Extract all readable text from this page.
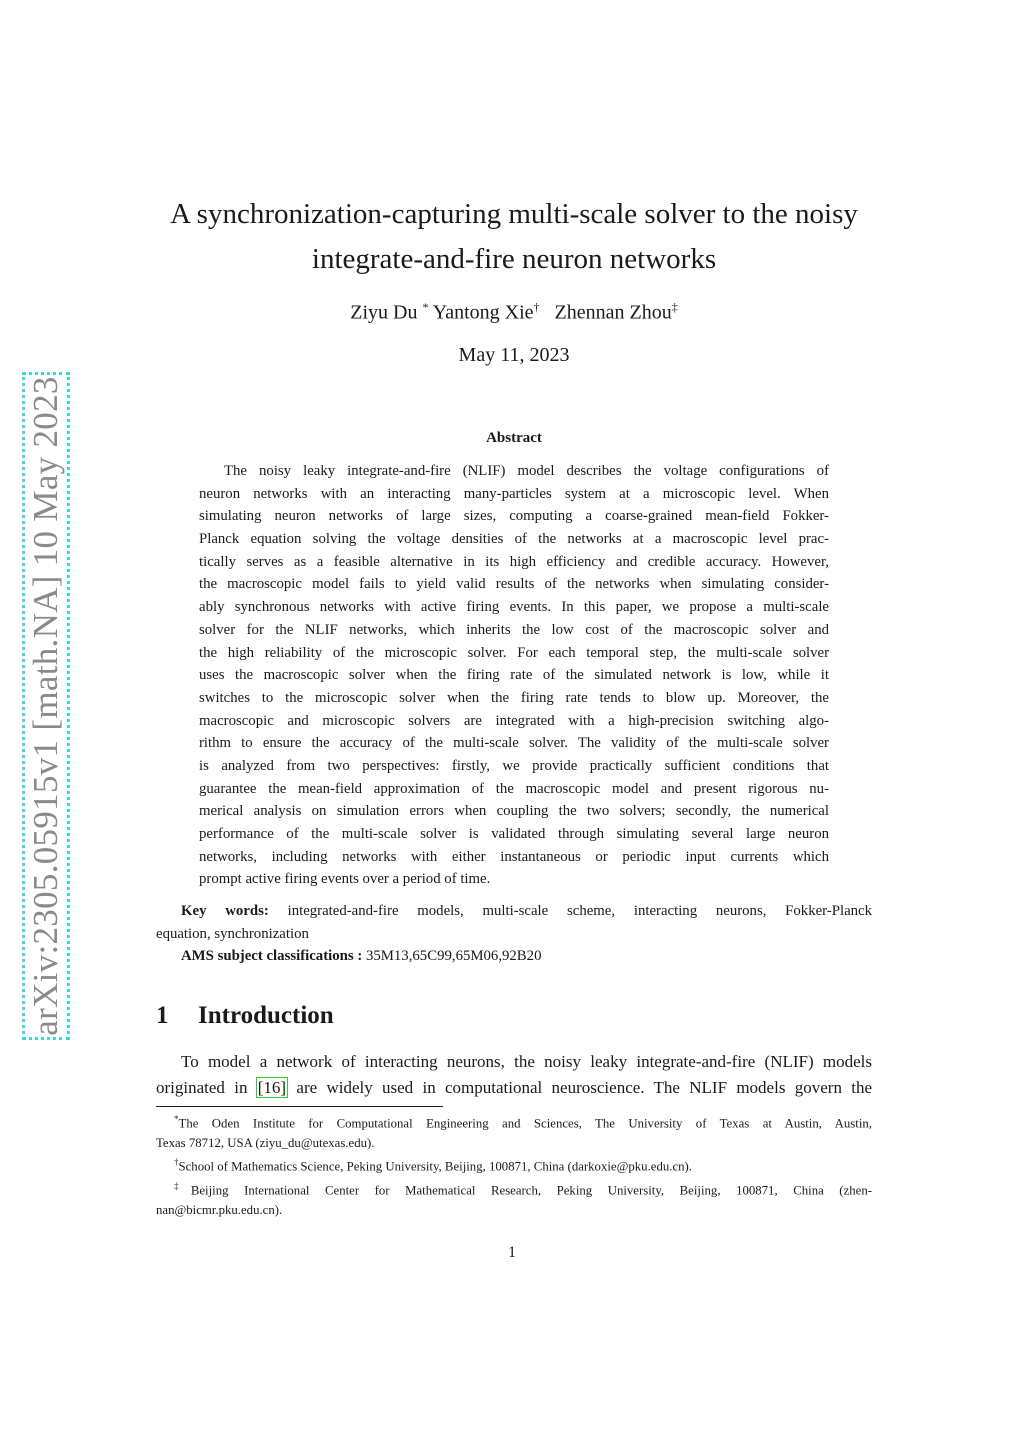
arXiv:2305.05915v1 [math.NA] 10 May 2023
A synchronization-capturing multi-scale solver to the noisy
integrate-and-fire neuron networks
Ziyu Du * Yantong Xie† Zhennan Zhou‡
May 11, 2023
Abstract
The noisy leaky integrate-and-fire (NLIF) model describes the voltage configurations of
neuron networks with an interacting many-particles system at a microscopic level. When
simulating neuron networks of large sizes, computing a coarse-grained mean-field Fokker-
Planck equation solving the voltage densities of the networks at a macroscopic level prac-
tically serves as a feasible alternative in its high efficiency and credible accuracy. However,
the macroscopic model fails to yield valid results of the networks when simulating consider-
ably synchronous networks with active firing events. In this paper, we propose a multi-scale
solver for the NLIF networks, which inherits the low cost of the macroscopic solver and
the high reliability of the microscopic solver. For each temporal step, the multi-scale solver
uses the macroscopic solver when the firing rate of the simulated network is low, while it
switches to the microscopic solver when the firing rate tends to blow up. Moreover, the
macroscopic and microscopic solvers are integrated with a high-precision switching algo-
rithm to ensure the accuracy of the multi-scale solver. The validity of the multi-scale solver
is analyzed from two perspectives: firstly, we provide practically sufficient conditions that
guarantee the mean-field approximation of the macroscopic model and present rigorous nu-
merical analysis on simulation errors when coupling the two solvers; secondly, the numerical
performance of the multi-scale solver is validated through simulating several large neuron
networks, including networks with either instantaneous or periodic input currents which
prompt active firing events over a period of time.
Key words: integrated-and-fire models, multi-scale scheme, interacting neurons, Fokker-Planck
equation, synchronization
AMS subject classifications : 35M13,65C99,65M06,92B20
1 Introduction
To model a network of interacting neurons, the noisy leaky integrate-and-fire (NLIF) models
originated in [16] are widely used in computational neuroscience. The NLIF models govern the
*The Oden Institute for Computational Engineering and Sciences, The University of Texas at Austin, Austin,
Texas 78712, USA (ziyu_du@utexas.edu).
†School of Mathematics Science, Peking University, Beijing, 100871, China (darkoxie@pku.edu.cn).
‡Beijing International Center for Mathematical Research, Peking University, Beijing, 100871, China (zhen-
nan@bicmr.pku.edu.cn).
1
